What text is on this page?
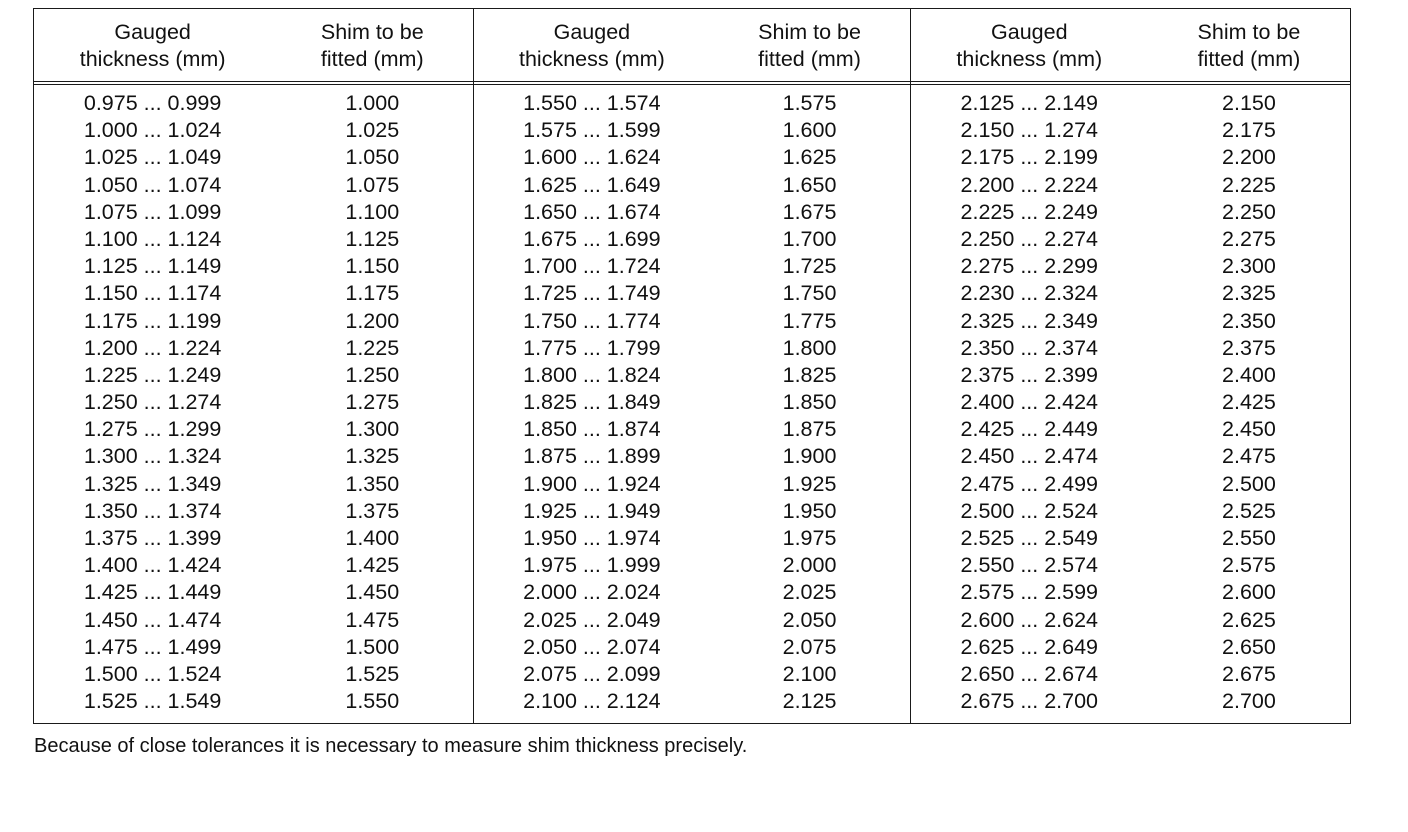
Gauged
thickness (mm)
Shim to be
fitted (mm)
0.975 ... 0.999	1.000
1.000 ... 1.024	1.025
1.025 ... 1.049	1.050
1.050 ... 1.074	1.075
1.075 ... 1.099	1.100
1.100 ... 1.124	1.125
1.125 ... 1.149	1.150
1.150 ... 1.174	1.175
1.175 ... 1.199	1.200
1.200 ... 1.224	1.225
1.225 ... 1.249	1.250
1.250 ... 1.274	1.275
1.275 ... 1.299	1.300
1.300 ... 1.324	1.325
1.325 ... 1.349	1.350
1.350 ... 1.374	1.375
1.375 ... 1.399	1.400
1.400 ... 1.424	1.425
1.425 ... 1.449	1.450
1.450 ... 1.474	1.475
1.475 ... 1.499	1.500
1.500 ... 1.524	1.525
1.525 ... 1.549	1.550
Gauged
thickness (mm)
Shim to be
fitted (mm)
1.550 ... 1.574	1.575
1.575 ... 1.599	1.600
1.600 ... 1.624	1.625
1.625 ... 1.649	1.650
1.650 ... 1.674	1.675
1.675 ... 1.699	1.700
1.700 ... 1.724	1.725
1.725 ... 1.749	1.750
1.750 ... 1.774	1.775
1.775 ... 1.799	1.800
1.800 ... 1.824	1.825
1.825 ... 1.849	1.850
1.850 ... 1.874	1.875
1.875 ... 1.899	1.900
1.900 ... 1.924	1.925
1.925 ... 1.949	1.950
1.950 ... 1.974	1.975
1.975 ... 1.999	2.000
2.000 ... 2.024	2.025
2.025 ... 2.049	2.050
2.050 ... 2.074	2.075
2.075 ... 2.099	2.100
2.100 ... 2.124	2.125
Gauged
thickness (mm)
Shim to be
fitted (mm)
2.125 ... 2.149	2.150
2.150 ... 1.274	2.175
2.175 ... 2.199	2.200
2.200 ... 2.224	2.225
2.225 ... 2.249	2.250
2.250 ... 2.274	2.275
2.275 ... 2.299	2.300
2.230 ... 2.324	2.325
2.325 ... 2.349	2.350
2.350 ... 2.374	2.375
2.375 ... 2.399	2.400
2.400 ... 2.424	2.425
2.425 ... 2.449	2.450
2.450 ... 2.474	2.475
2.475 ... 2.499	2.500
2.500 ... 2.524	2.525
2.525 ... 2.549	2.550
2.550 ... 2.574	2.575
2.575 ... 2.599	2.600
2.600 ... 2.624	2.625
2.625 ... 2.649	2.650
2.650 ... 2.674	2.675
2.675 ... 2.700	2.700
Because of close tolerances it is necessary to measure shim thickness precisely.
